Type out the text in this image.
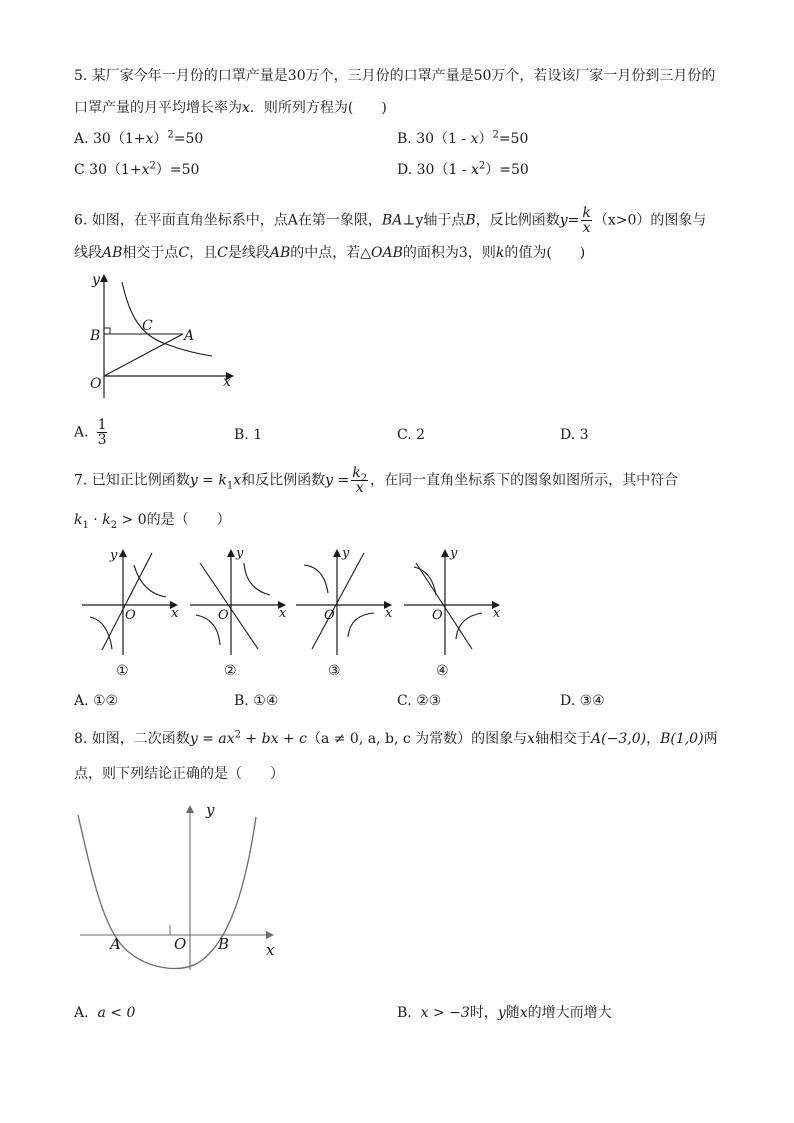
5. 某厂家今年一月份的口罩产量是30万个，三月份的口罩产量是50万个，若设该厂家一月份到三月份的
口罩产量的月平均增长率为x．则所列方程为(　　)
A. $30(1+x)^2=50$	B. 30（1 - x）$^2$=50
C $30(1+x^2)=50$	D. $30(1 - x^2)=50$
6. 如图，在平面直角坐标系中，点A在第一象限，BA⊥y轴于点B，反比例函数$y= \frac{k}{x} (x>0)$的图象与
线段AB相交于点C，且C是线段AB的中点，若△OAB的面积为3，则k的值为(　　)
y
B
C
A
O	x
A. $\frac{1}{3}$	B. 1	C. 2	D. 3
7. 已知正比例函数$y = k_1x$和反比例函数$y = \frac{k_2}{x}$ ，在同一直角坐标系下的图象如图所示，其中符合
$k_1 \cdot k_2 > 0$的是（　　）
y
x
O
①
y
x
O
②
y
x
O
③
y
x
O
④
A. ①②	B. ①④	C. ②③	D. ③④
8. 如图，二次函数$y = ax^2$ + bx + c（a ≠ 0, a, b, c 为常数）的图象与x轴相交于A(−3,0)，B(1,0)两
点，则下列结论正确的是（　　）
y
A	O B x
A. a < 0	B. x > −3时，y随x的增大而增大
